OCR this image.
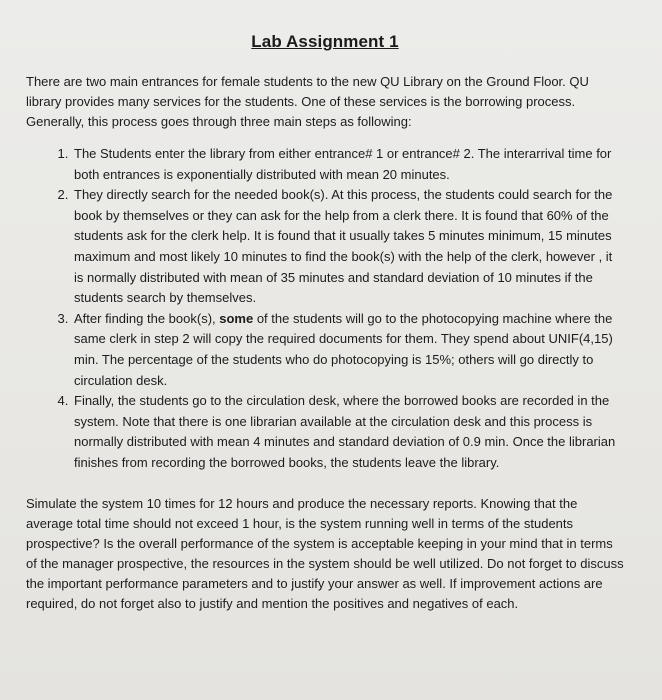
Lab Assignment 1

There are two main entrances for female students to the new QU Library on the Ground Floor. QU library provides many services for the students. One of these services is the borrowing process. Generally, this process goes through three main steps as following:

1. The Students enter the library from either entrance# 1 or entrance# 2. The interarrival time for both entrances is exponentially distributed with mean 20 minutes.
2. They directly search for the needed book(s). At this process, the students could search for the book by themselves or they can ask for the help from a clerk there. It is found that 60% of the students ask for the clerk help. It is found that it usually takes 5 minutes minimum, 15 minutes maximum and most likely 10 minutes to find the book(s) with the help of the clerk, however , it is normally distributed with mean of 35 minutes and standard deviation of 10 minutes if the students search by themselves.
3. After finding the book(s), some of the students will go to the photocopying machine where the same clerk in step 2 will copy the required documents for them. They spend about UNIF(4,15) min. The percentage of the students who do photocopying is 15%; others will go directly to circulation desk.
4. Finally, the students go to the circulation desk, where the borrowed books are recorded in the system. Note that there is one librarian available at the circulation desk and this process is normally distributed with mean 4 minutes and standard deviation of 0.9 min. Once the librarian finishes from recording the borrowed books, the students leave the library.

Simulate the system 10 times for 12 hours and produce the necessary reports. Knowing that the average total time should not exceed 1 hour, is the system running well in terms of the students prospective? Is the overall performance of the system is acceptable keeping in your mind that in terms of the manager prospective, the resources in the system should be well utilized. Do not forget to discuss the important performance parameters and to justify your answer as well. If improvement actions are required, do not forget also to justify and mention the positives and negatives of each.
